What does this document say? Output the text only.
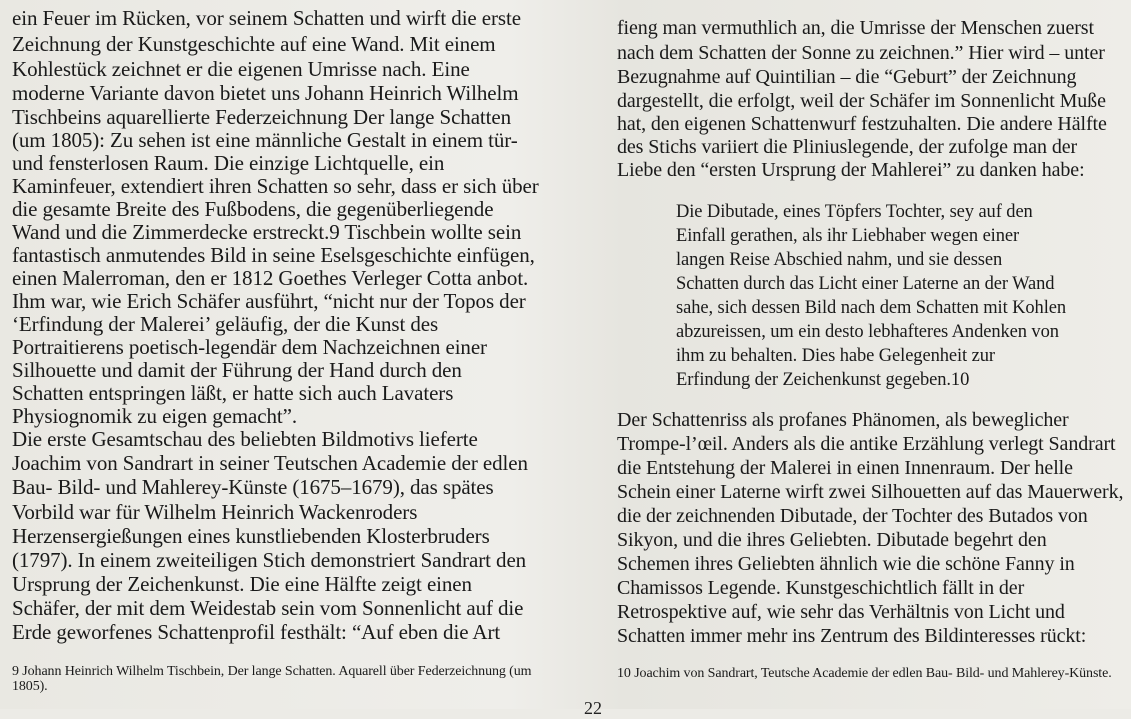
ein Feuer im Rücken, vor seinem Schatten und wirft die erste
Zeichnung der Kunstgeschichte auf eine Wand. Mit einem
Kohlestück zeichnet er die eigenen Umrisse nach. Eine
moderne Variante davon bietet uns Johann Heinrich Wilhelm
Tischbeins aquarellierte Federzeichnung Der lange Schatten
(um 1805): Zu sehen ist eine männliche Gestalt in einem tür-
und fensterlosen Raum. Die einzige Lichtquelle, ein
Kaminfeuer, extendiert ihren Schatten so sehr, dass er sich über
die gesamte Breite des Fußbodens, die gegenüberliegende
Wand und die Zimmerdecke erstreckt.9 Tischbein wollte sein
fantastisch anmutendes Bild in seine Eselsgeschichte einfügen,
einen Malerroman, den er 1812 Goethes Verleger Cotta anbot.
Ihm war, wie Erich Schäfer ausführt, “nicht nur der Topos der
‘Erfindung der Malerei’ geläufig, der die Kunst des
Portraitierens poetisch-legendär dem Nachzeichnen einer
Silhouette und damit der Führung der Hand durch den
Schatten entspringen läßt, er hatte sich auch Lavaters
Physiognomik zu eigen gemacht”.
Die erste Gesamtschau des beliebten Bildmotivs lieferte
Joachim von Sandrart in seiner Teutschen Academie der edlen
Bau- Bild- und Mahlerey-Künste (1675–1679), das spätes
Vorbild war für Wilhelm Heinrich Wackenroders
Herzensergießungen eines kunstliebenden Klosterbruders
(1797). In einem zweiteiligen Stich demonstriert Sandrart den
Ursprung der Zeichenkunst. Die eine Hälfte zeigt einen
Schäfer, der mit dem Weidestab sein vom Sonnenlicht auf die
Erde geworfenes Schattenprofil festhält: “Auf eben die Art
9 Johann Heinrich Wilhelm Tischbein, Der lange Schatten. Aquarell über Federzeichnung (um
1805).
fieng man vermuthlich an, die Umrisse der Menschen zuerst
nach dem Schatten der Sonne zu zeichnen.” Hier wird – unter
Bezugnahme auf Quintilian – die “Geburt” der Zeichnung
dargestellt, die erfolgt, weil der Schäfer im Sonnenlicht Muße
hat, den eigenen Schattenwurf festzuhalten. Die andere Hälfte
des Stichs variiert die Pliniuslegende, der zufolge man der
Liebe den “ersten Ursprung der Mahlerei” zu danken habe:
Die Dibutade, eines Töpfers Tochter, sey auf den
Einfall gerathen, als ihr Liebhaber wegen einer
langen Reise Abschied nahm, und sie dessen
Schatten durch das Licht einer Laterne an der Wand
sahe, sich dessen Bild nach dem Schatten mit Kohlen
abzureissen, um ein desto lebhafteres Andenken von
ihm zu behalten. Dies habe Gelegenheit zur
Erfindung der Zeichenkunst gegeben.10
Der Schattenriss als profanes Phänomen, als beweglicher
Trompe-l’œil. Anders als die antike Erzählung verlegt Sandrart
die Entstehung der Malerei in einen Innenraum. Der helle
Schein einer Laterne wirft zwei Silhouetten auf das Mauerwerk,
die der zeichnenden Dibutade, der Tochter des Butados von
Sikyon, und die ihres Geliebten. Dibutade begehrt den
Schemen ihres Geliebten ähnlich wie die schöne Fanny in
Chamissos Legende. Kunstgeschichtlich fällt in der
Retrospektive auf, wie sehr das Verhältnis von Licht und
Schatten immer mehr ins Zentrum des Bildinteresses rückt:
10 Joachim von Sandrart, Teutsche Academie der edlen Bau- Bild- und Mahlerey-Künste.
22
